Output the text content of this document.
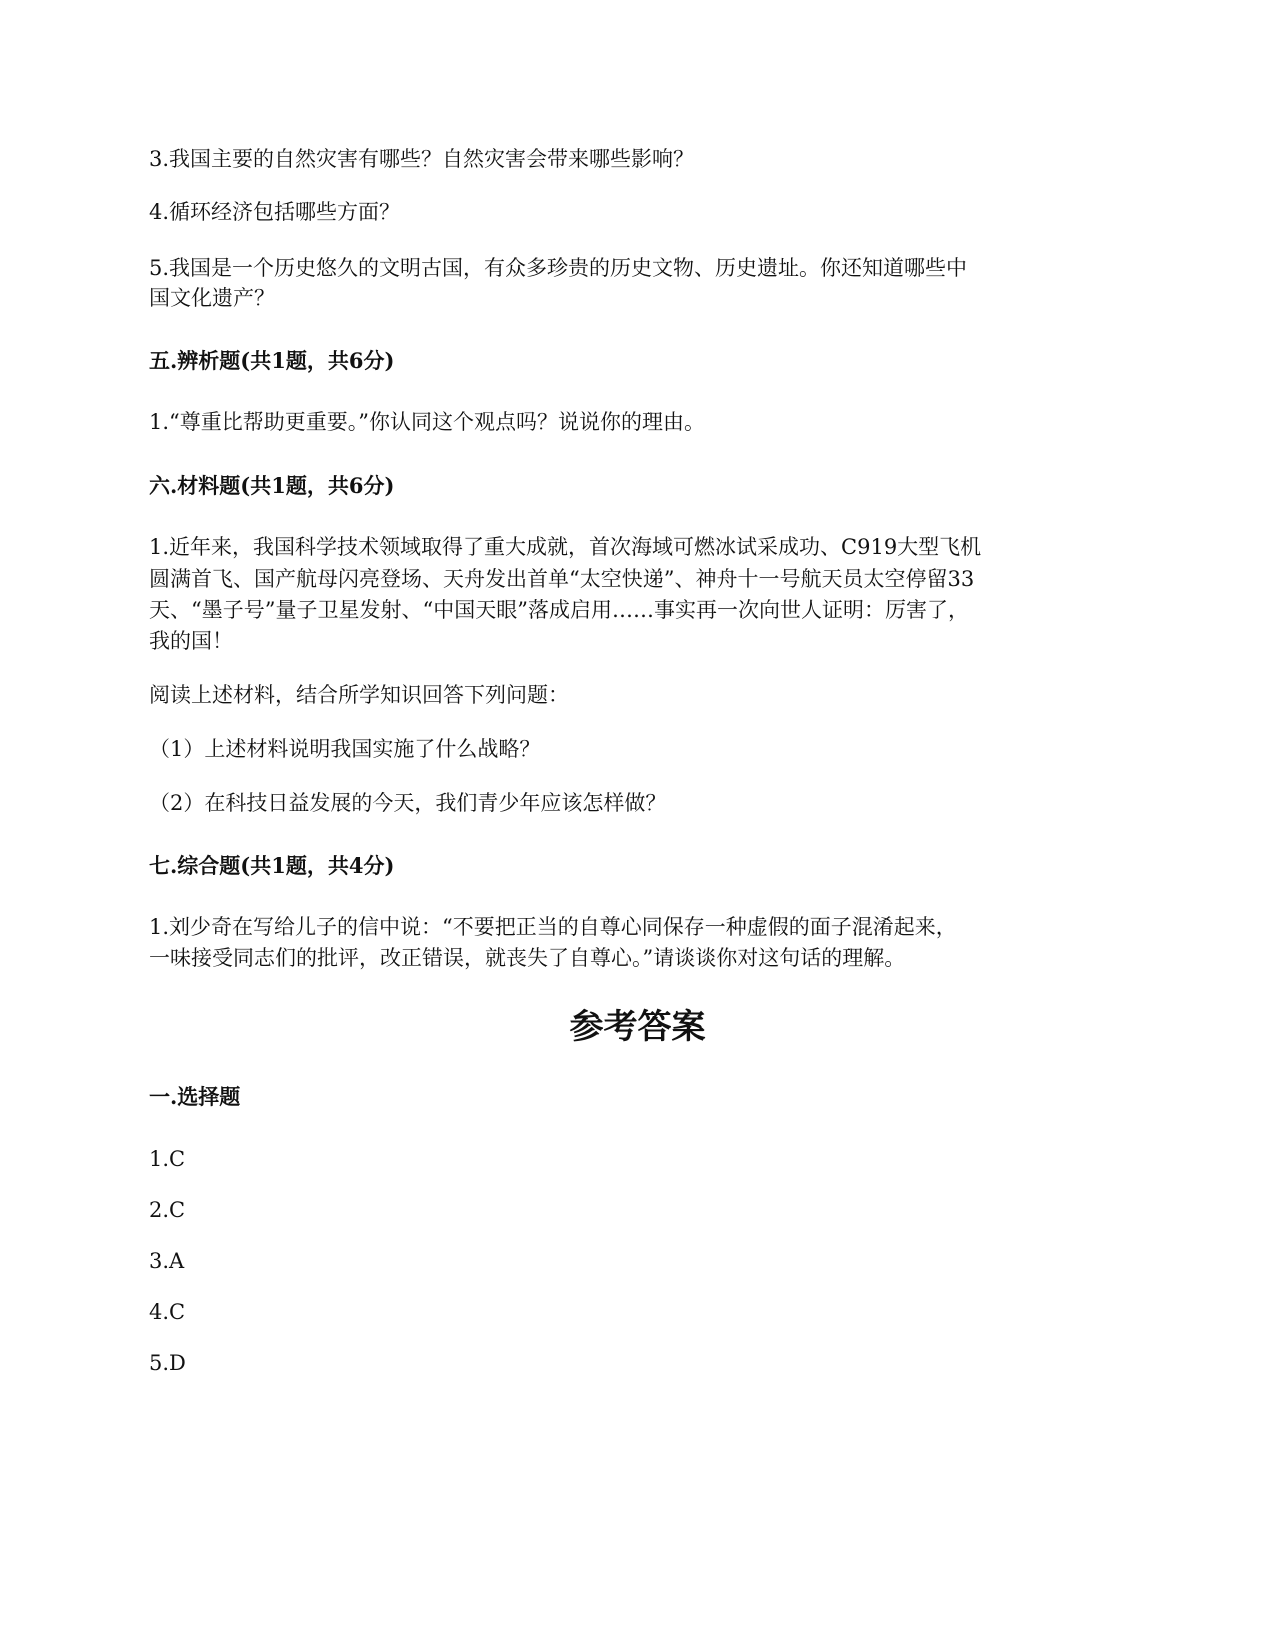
3.我国主要的自然灾害有哪些？自然灾害会带来哪些影响？

4.循环经济包括哪些方面？

5.我国是一个历史悠久的文明古国，有众多珍贵的历史文物、历史遗址。你还知道哪些中

国文化遗产？

五.辨析题(共1题，共6分)

1.“尊重比帮助更重要。”你认同这个观点吗？说说你的理由。

六.材料题(共1题，共6分)

1.近年来，我国科学技术领域取得了重大成就，首次海域可燃冰试采成功、C919大型飞机

圆满首飞、国产航母闪亮登场、天舟发出首单“太空快递”、神舟十一号航天员太空停留33

天、“墨子号”量子卫星发射、“中国天眼”落成启用……事实再一次向世人证明：厉害了，

我的国！

阅读上述材料，结合所学知识回答下列问题：

（1）上述材料说明我国实施了什么战略？

（2）在科技日益发展的今天，我们青少年应该怎样做？

七.综合题(共1题，共4分)

1.刘少奇在写给儿子的信中说：“不要把正当的自尊心同保存一种虚假的面子混淆起来，

一味接受同志们的批评，改正错误，就丧失了自尊心。”请谈谈你对这句话的理解。

参考答案

一.选择题

1.C

2.C

3.A

4.C

5.D
